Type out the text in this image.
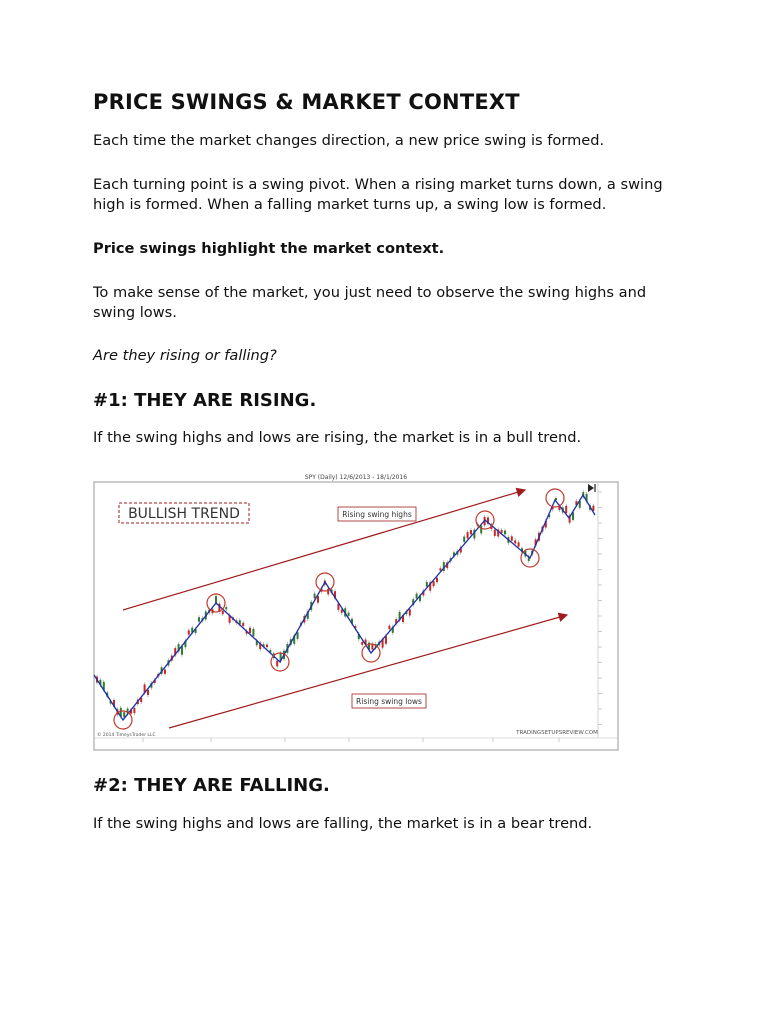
PRICE SWINGS & MARKET CONTEXT

Each time the market changes direction, a new price swing is formed.

Each turning point is a swing pivot. When a rising market turns down, a swing high is formed. When a falling market turns up, a swing low is formed.

Price swings highlight the market context.

To make sense of the market, you just need to observe the swing highs and swing lows.

Are they rising or falling?

#1: THEY ARE RISING.

If the swing highs and lows are rising, the market is in a bull trend.

SPY (Daily) 12/6/2013 - 18/1/2016
BULLISH TREND	Rising swing highs
Rising swing lows
TRADINGSETUPSREVIEW.COM
© 2014 TimeysTrader LLC
#2: THEY ARE FALLING.

If the swing highs and lows are falling, the market is in a bear trend.
